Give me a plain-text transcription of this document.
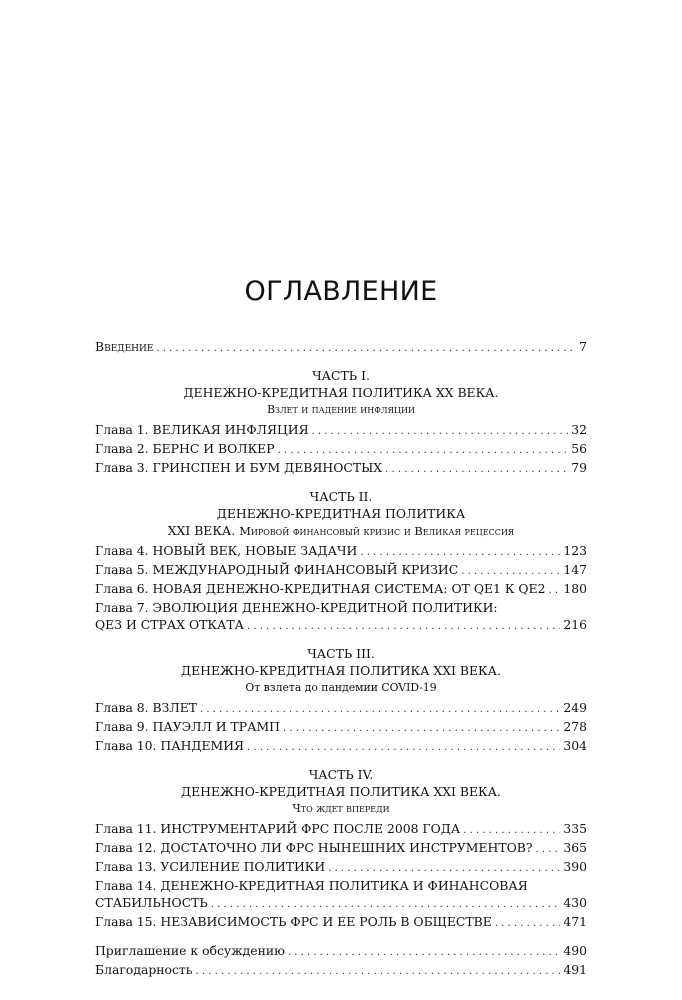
ОГЛАВЛЕНИЕ
Введение . . .	7
ЧАСТЬ I.
ДЕНЕЖНО-КРЕДИТНАЯ ПОЛИТИКА XX ВЕКА.
Взлет и падение инфляции
Глава 1. ВЕЛИКАЯ ИНФЛЯЦИЯ . . .	32
Глава 2. БЕРНС И ВОЛКЕР . . .	56
Глава 3. ГРИНСПЕН И БУМ ДЕВЯНОСТЫХ . . .	79
ЧАСТЬ II.
ДЕНЕЖНО-КРЕДИТНАЯ ПОЛИТИКА
XXI ВЕКА. Мировой финансовый кризис и Великая рецессия
Глава 4. НОВЫЙ ВЕК, НОВЫЕ ЗАДАЧИ . . .	123
Глава 5. МЕЖДУНАРОДНЫЙ ФИНАНСОВЫЙ КРИЗИС . . .	147
Глава 6. НОВАЯ ДЕНЕЖНО-КРЕДИТНАЯ СИСТЕМА: ОТ QE1 К QE2 . . . 180
Глава 7. ЭВОЛЮЦИЯ ДЕНЕЖНО-КРЕДИТНОЙ ПОЛИТИКИ:
QE3 И СТРАХ ОТКАТА . . .	216
ЧАСТЬ III.
ДЕНЕЖНО-КРЕДИТНАЯ ПОЛИТИКА XXI ВЕКА.
От взлета до пандемии COVID-19
Глава 8. ВЗЛЕТ . . .	249
Глава 9. ПАУЭЛЛ И ТРАМП . . .	278
Глава 10. ПАНДЕМИЯ . . .	304
ЧАСТЬ IV.
ДЕНЕЖНО-КРЕДИТНАЯ ПОЛИТИКА XXI ВЕКА.
Что ждет впереди
Глава 11. ИНСТРУМЕНТАРИЙ ФРС ПОСЛЕ 2008 ГОДА . . .	335
Глава 12. ДОСТАТОЧНО ЛИ ФРС НЫНЕШНИХ ИНСТРУМЕНТОВ? . . . 365
Глава 13. УСИЛЕНИЕ ПОЛИТИКИ . . .	390
Глава 14. ДЕНЕЖНО-КРЕДИТНАЯ ПОЛИТИКА И ФИНАНСОВАЯ
СТАБИЛЬНОСТЬ . . .	430
Глава 15. НЕЗАВИСИМОСТЬ ФРС И ЕЕ РОЛЬ В ОБЩЕСТВЕ . . .	471
Приглашение к обсуждению . . .	490
Благодарность . . .	491
